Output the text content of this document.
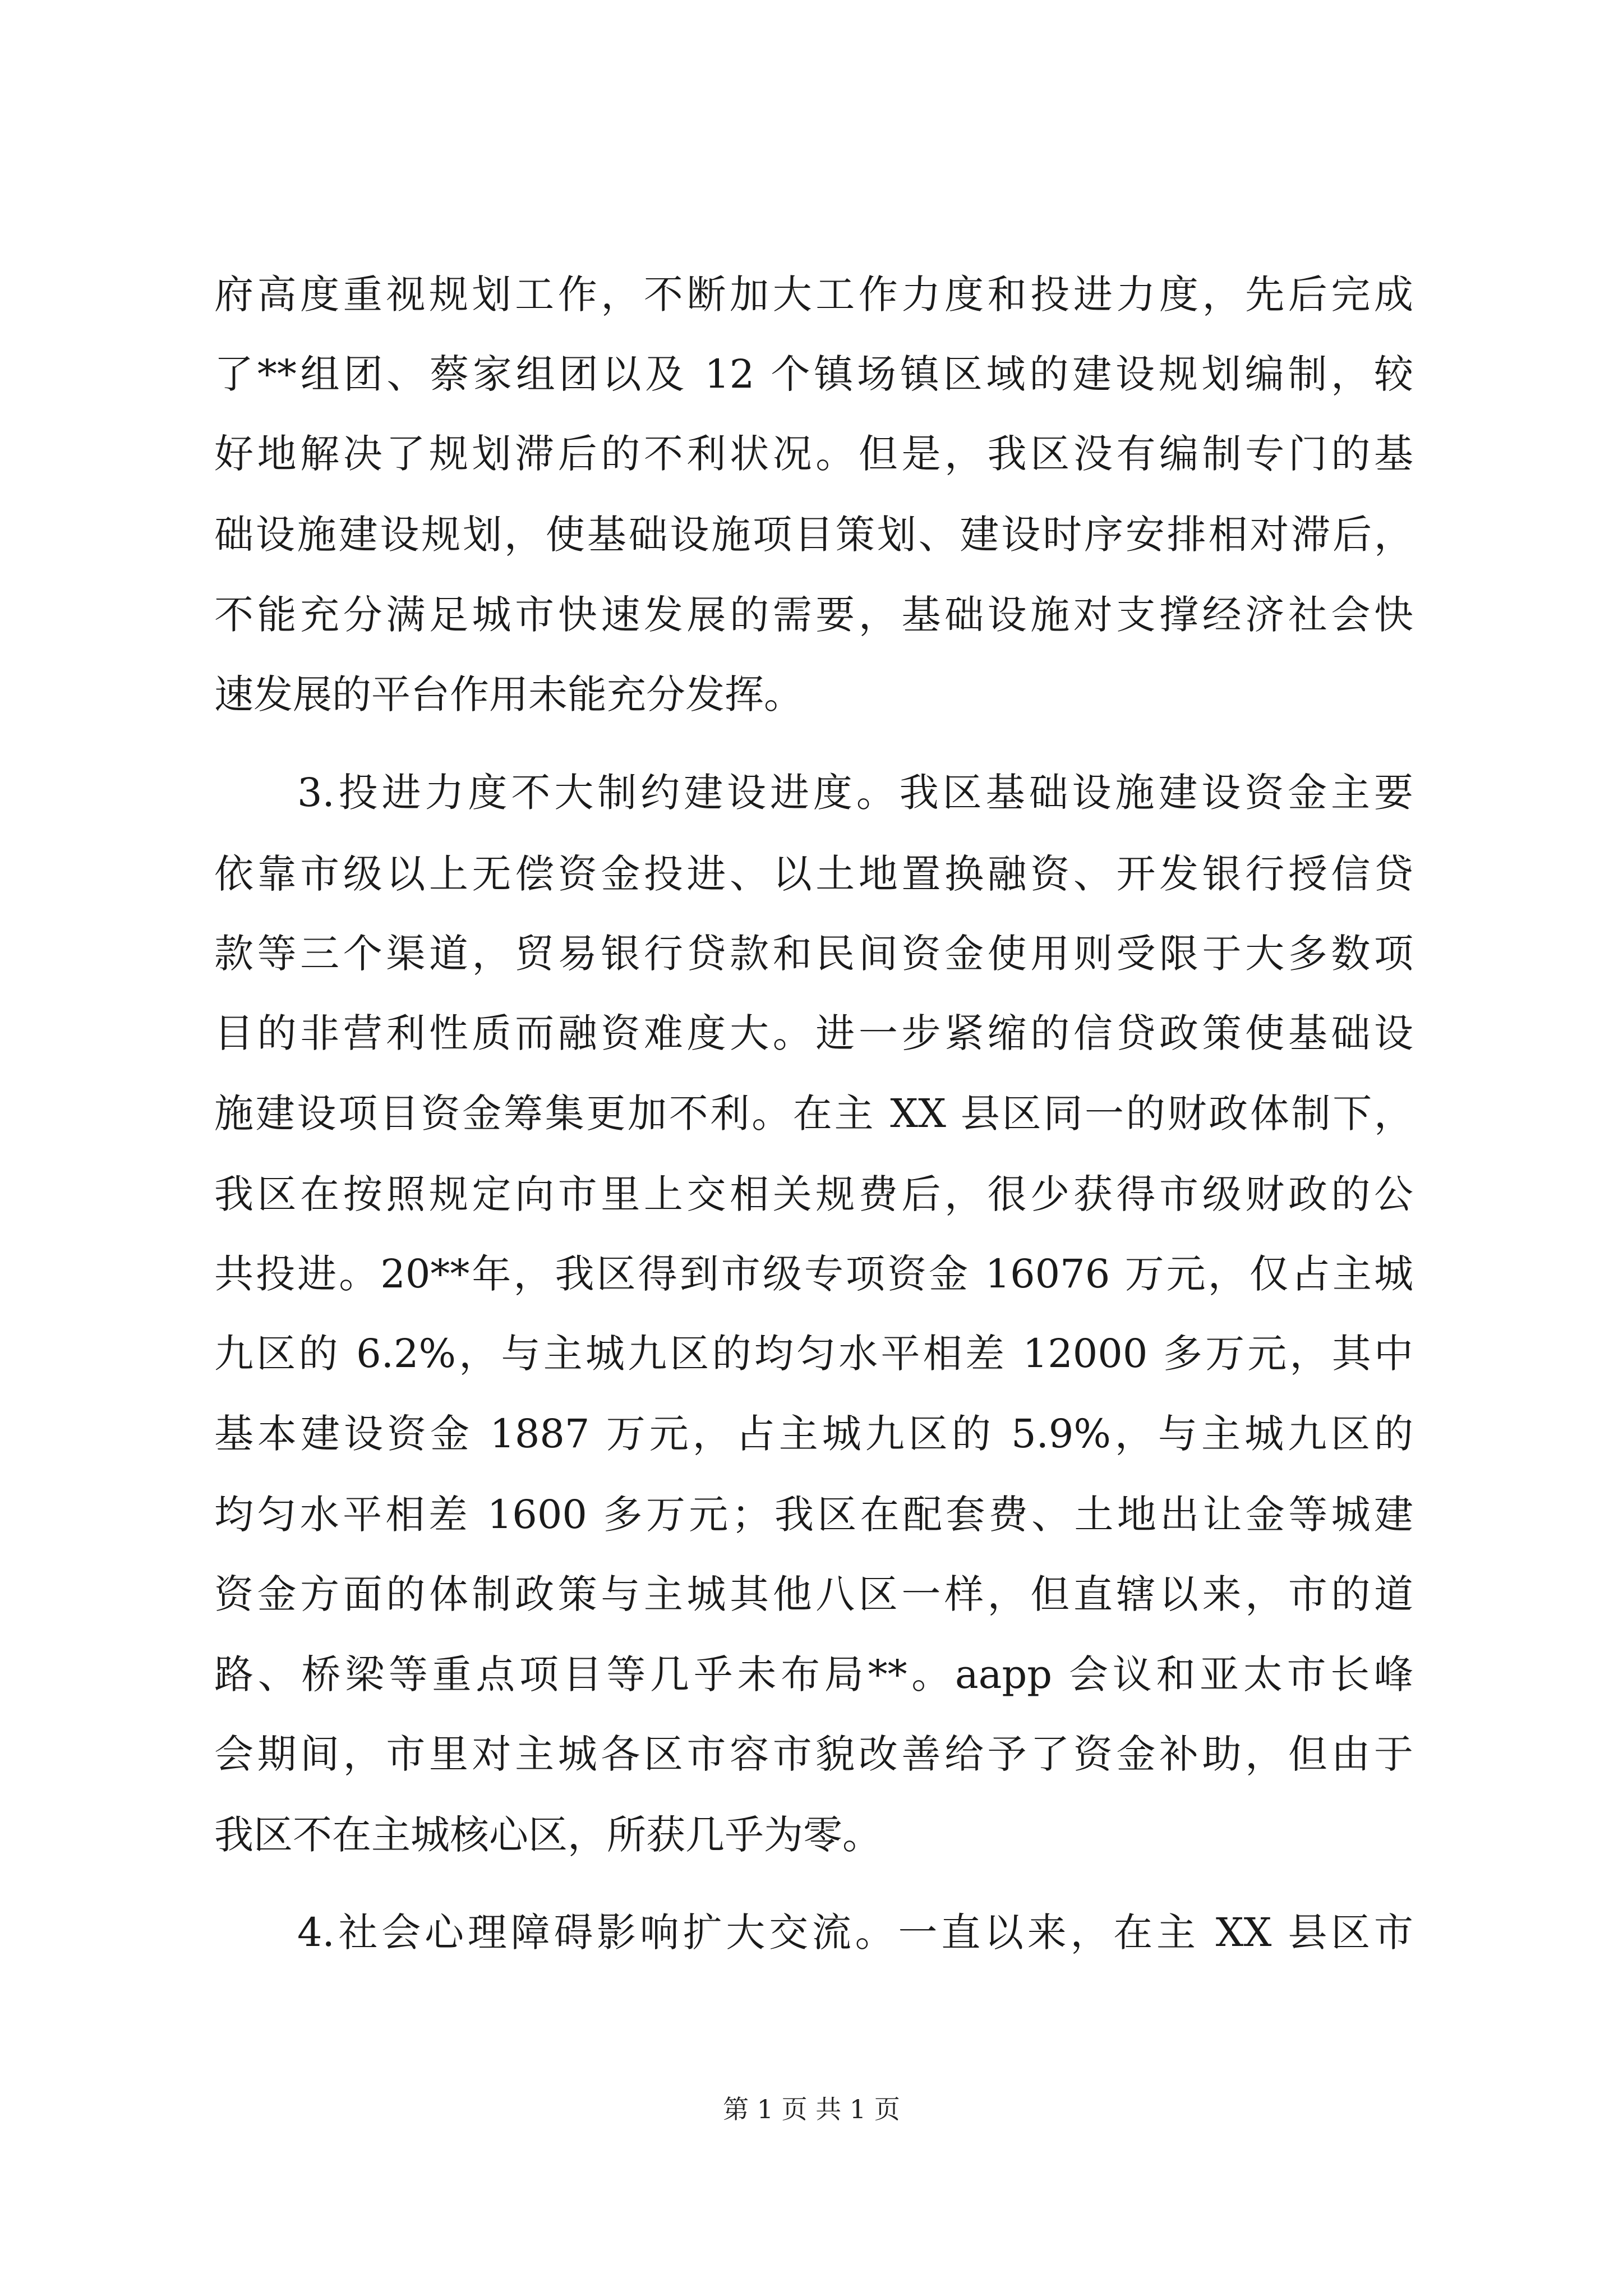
府高度重视规划工作，不断加大工作力度和投进力度，先后完成
了**组团、蔡家组团以及 12 个镇场镇区域的建设规划编制，较
好地解决了规划滞后的不利状况。但是，我区没有编制专门的基
础设施建设规划，使基础设施项目策划、建设时序安排相对滞后，
不能充分满足城市快速发展的需要，基础设施对支撑经济社会快
速发展的平台作用未能充分发挥。
3.投进力度不大制约建设进度。我区基础设施建设资金主要
依靠市级以上无偿资金投进、以土地置换融资、开发银行授信贷
款等三个渠道，贸易银行贷款和民间资金使用则受限于大多数项
目的非营利性质而融资难度大。进一步紧缩的信贷政策使基础设
施建设项目资金筹集更加不利。在主 XX 县区同一的财政体制下，
我区在按照规定向市里上交相关规费后，很少获得市级财政的公
共投进。20**年，我区得到市级专项资金 16076 万元，仅占主城
九区的 6.2%，与主城九区的均匀水平相差 12000 多万元，其中
基本建设资金 1887 万元，占主城九区的 5.9%，与主城九区的
均匀水平相差 1600 多万元；我区在配套费、土地出让金等城建
资金方面的体制政策与主城其他八区一样，但直辖以来，市的道
路、桥梁等重点项目等几乎未布局**。aapp 会议和亚太市长峰
会期间，市里对主城各区市容市貌改善给予了资金补助，但由于
我区不在主城核心区，所获几乎为零。
4.社会心理障碍影响扩大交流。一直以来，在主 XX 县区市
第 1 页 共 1 页
